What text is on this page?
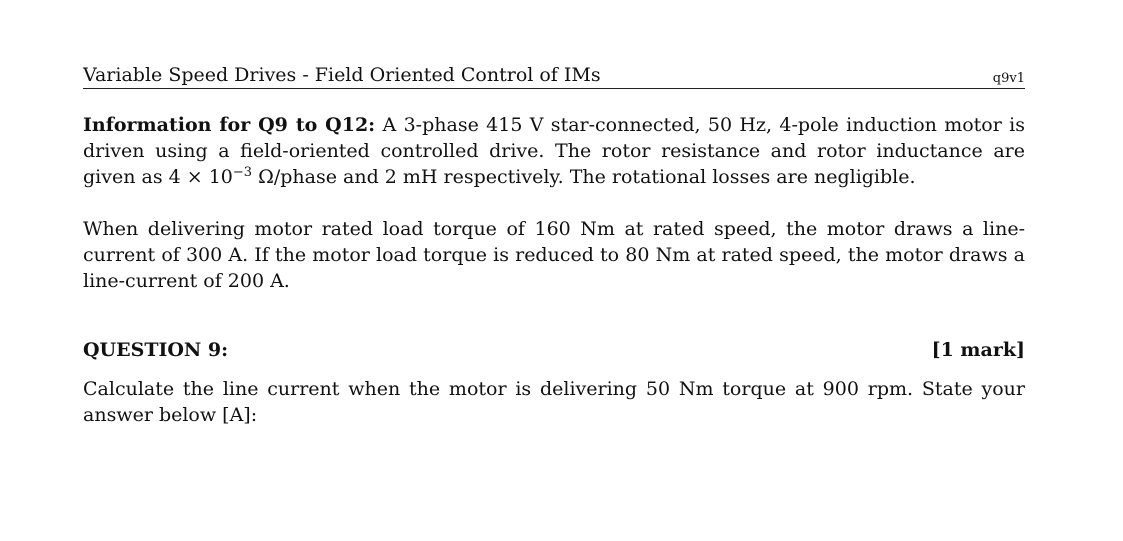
Variable Speed Drives - Field Oriented Control of IMs	q9v1

Information for Q9 to Q12: A 3-phase 415 V star-connected, 50 Hz, 4-pole induction motor is driven using a field-oriented controlled drive. The rotor resistance and rotor inductance are given as $4 \times 10^{-3}$ Ω/phase and 2 mH respectively. The rotational losses are negligible.

When delivering motor rated load torque of 160 Nm at rated speed, the motor draws a line-current of 300 A. If the motor load torque is reduced to 80 Nm at rated speed, the motor draws a line-current of 200 A.

QUESTION 9:	[1 mark]

Calculate the line current when the motor is delivering 50 Nm torque at 900 rpm. State your answer below [A]:
